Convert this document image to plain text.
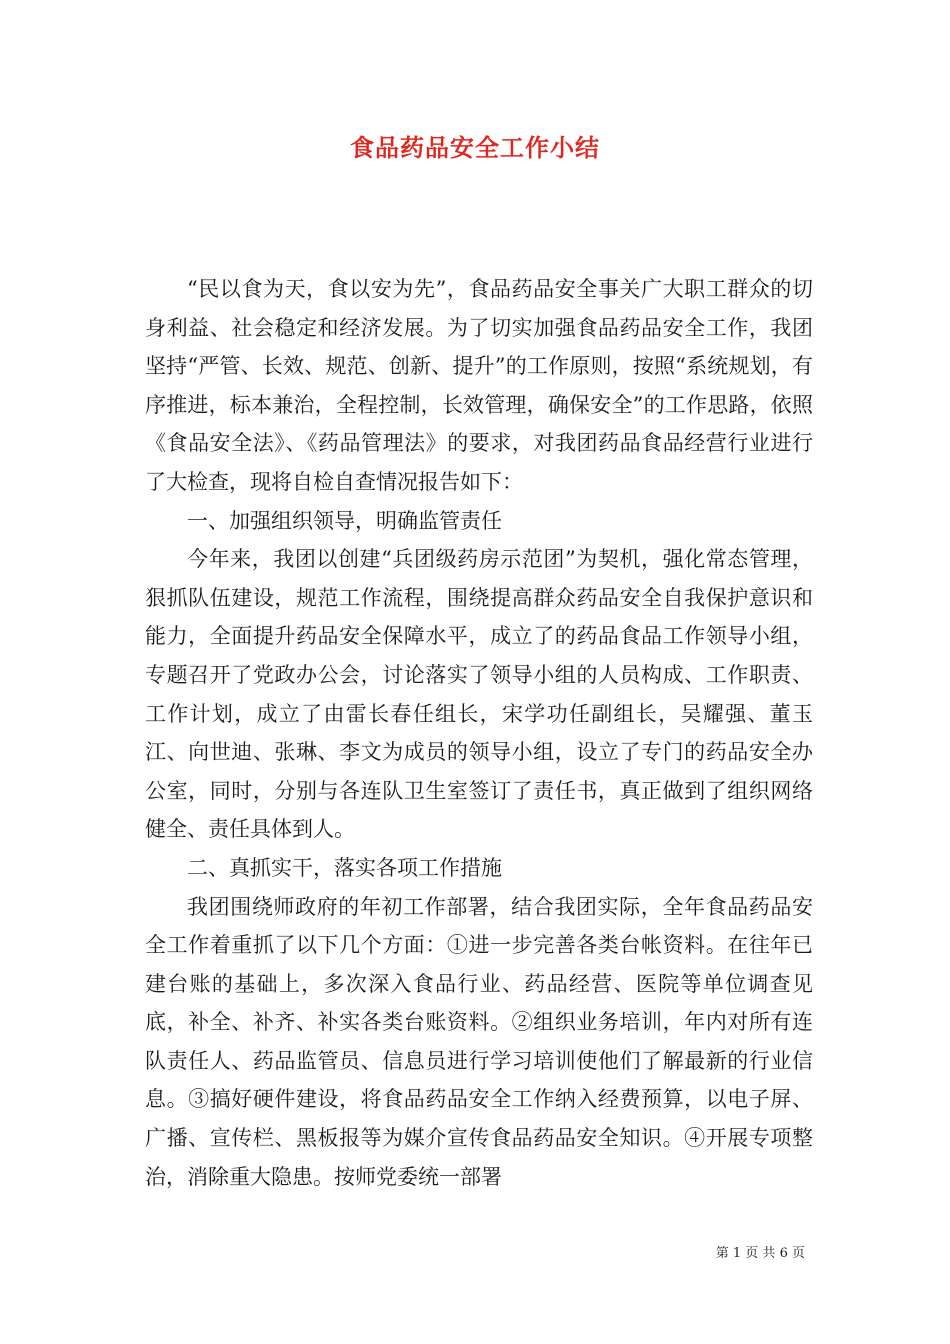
食品药品安全工作小结

“民以食为天，食以安为先”，食品药品安全事关广大职工群众的切身利益、社会稳定和经济发展。为了切实加强食品药品安全工作，我团坚持“严管、长效、规范、创新、提升”的工作原则，按照“系统规划，有序推进，标本兼治，全程控制，长效管理，确保安全”的工作思路，依照《食品安全法》、《药品管理法》的要求，对我团药品食品经营行业进行了大检查，现将自检自查情况报告如下：

一、加强组织领导，明确监管责任

今年来，我团以创建“兵团级药房示范团”为契机，强化常态管理，狠抓队伍建设，规范工作流程，围绕提高群众药品安全自我保护意识和能力，全面提升药品安全保障水平，成立了的药品食品工作领导小组，专题召开了党政办公会，讨论落实了领导小组的人员构成、工作职责、工作计划，成立了由雷长春任组长，宋学功任副组长，吴耀强、董玉江、向世迪、张琳、李文为成员的领导小组，设立了专门的药品安全办公室，同时，分别与各连队卫生室签订了责任书，真正做到了组织网络健全、责任具体到人。

二、真抓实干，落实各项工作措施

我团围绕师政府的年初工作部署，结合我团实际，全年食品药品安全工作着重抓了以下几个方面：①进一步完善各类台帐资料。在往年已建台账的基础上，多次深入食品行业、药品经营、医院等单位调查见底，补全、补齐、补实各类台账资料。②组织业务培训，年内对所有连队责任人、药品监管员、信息员进行学习培训使他们了解最新的行业信息。③搞好硬件建设，将食品药品安全工作纳入经费预算，以电子屏、广播、宣传栏、黑板报等为媒介宣传食品药品安全知识。④开展专项整治，消除重大隐患。按师党委统一部署

第 1 页 共 6 页
